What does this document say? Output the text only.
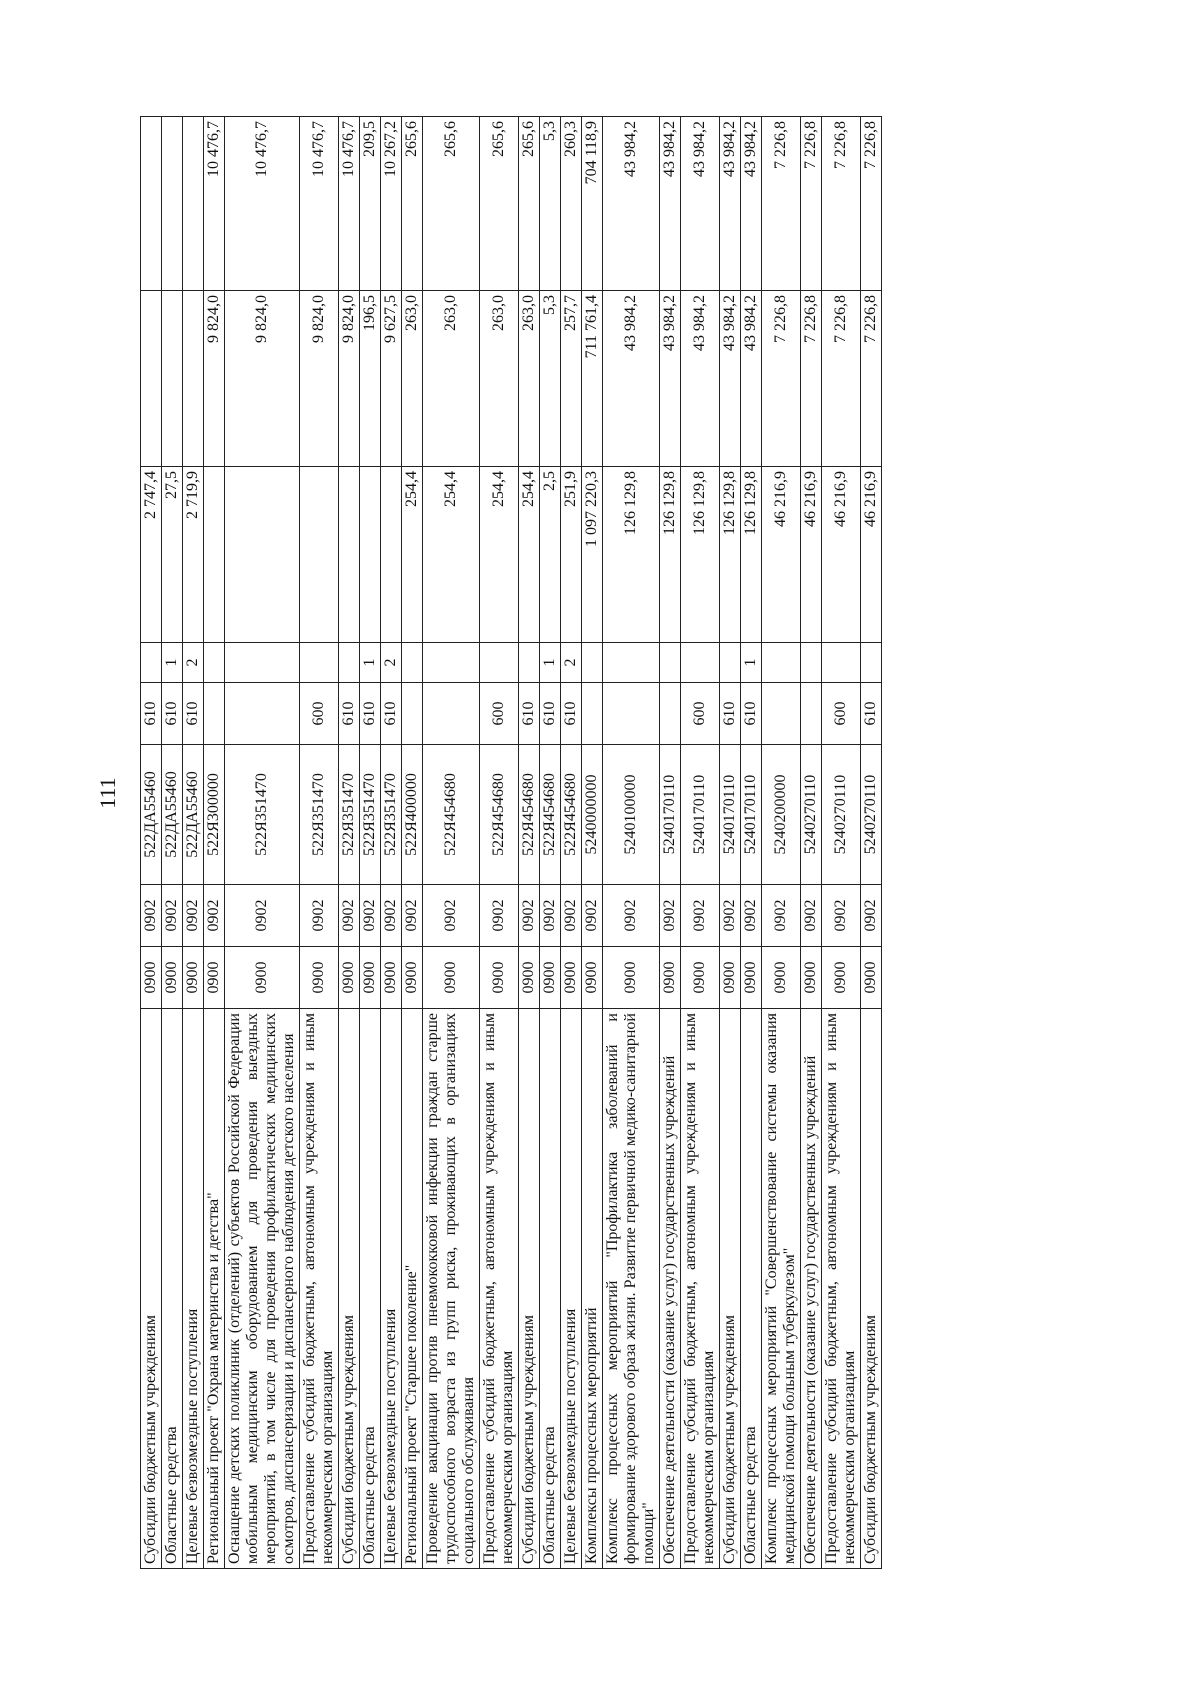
111
Субсидии бюджетным учреждениям	0900	0902	522ДА55460	610		2 747,4		
Областные средства	0900	0902	522ДА55460	610	1	27,5		
Целевые безвозмездные поступления	0900	0902	522ДА55460	610	2	2 719,9		
Региональный проект "Охрана материнства и детства"	0900	0902	522Я300000				9 824,0	10 476,7
Оснащение детских поликлиник (отделений) субъектов Российской Федерации мобильным медицинским оборудованием для проведения выездных мероприятий, в том числе для проведения профилактических медицинских осмотров, диспансеризации и диспансерного наблюдения детского населения	0900	0902	522Я351470				9 824,0	10 476,7
Предоставление субсидий бюджетным, автономным учреждениям и иным некоммерческим организациям	0900	0902	522Я351470	600			9 824,0	10 476,7
Субсидии бюджетным учреждениям	0900	0902	522Я351470	610			9 824,0	10 476,7
Областные средства	0900	0902	522Я351470	610	1		196,5	209,5
Целевые безвозмездные поступления	0900	0902	522Я351470	610	2		9 627,5	10 267,2
Региональный проект "Старшее поколение"	0900	0902	522Я400000			254,4	263,0	265,6
Проведение вакцинации против пневмококковой инфекции граждан старше трудоспособного возраста из групп риска, проживающих в организациях социального обслуживания	0900	0902	522Я454680			254,4	263,0	265,6
Предоставление субсидий бюджетным, автономным учреждениям и иным некоммерческим организациям	0900	0902	522Я454680	600		254,4	263,0	265,6
Субсидии бюджетным учреждениям	0900	0902	522Я454680	610		254,4	263,0	265,6
Областные средства	0900	0902	522Я454680	610	1	2,5	5,3	5,3
Целевые безвозмездные поступления	0900	0902	522Я454680	610	2	251,9	257,7	260,3
Комплексы процессных мероприятий	0900	0902	5240000000			1 097 220,3	711 761,4	704 118,9
Комплекс процессных мероприятий "Профилактика заболеваний и формирование здорового образа жизни. Развитие первичной медико-санитарной помощи"	0900	0902	5240100000			126 129,8	43 984,2	43 984,2
Обеспечение деятельности (оказание услуг) государственных учреждений	0900	0902	5240170110			126 129,8	43 984,2	43 984,2
Предоставление субсидий бюджетным, автономным учреждениям и иным некоммерческим организациям	0900	0902	5240170110	600		126 129,8	43 984,2	43 984,2
Субсидии бюджетным учреждениям	0900	0902	5240170110	610		126 129,8	43 984,2	43 984,2
Областные средства	0900	0902	5240170110	610	1	126 129,8	43 984,2	43 984,2
Комплекс процессных мероприятий "Совершенствование системы оказания медицинской помощи больным туберкулезом"	0900	0902	5240200000			46 216,9	7 226,8	7 226,8
Обеспечение деятельности (оказание услуг) государственных учреждений	0900	0902	5240270110			46 216,9	7 226,8	7 226,8
Предоставление субсидий бюджетным, автономным учреждениям и иным некоммерческим организациям	0900	0902	5240270110	600		46 216,9	7 226,8	7 226,8
Субсидии бюджетным учреждениям	0900	0902	5240270110	610		46 216,9	7 226,8	7 226,8
